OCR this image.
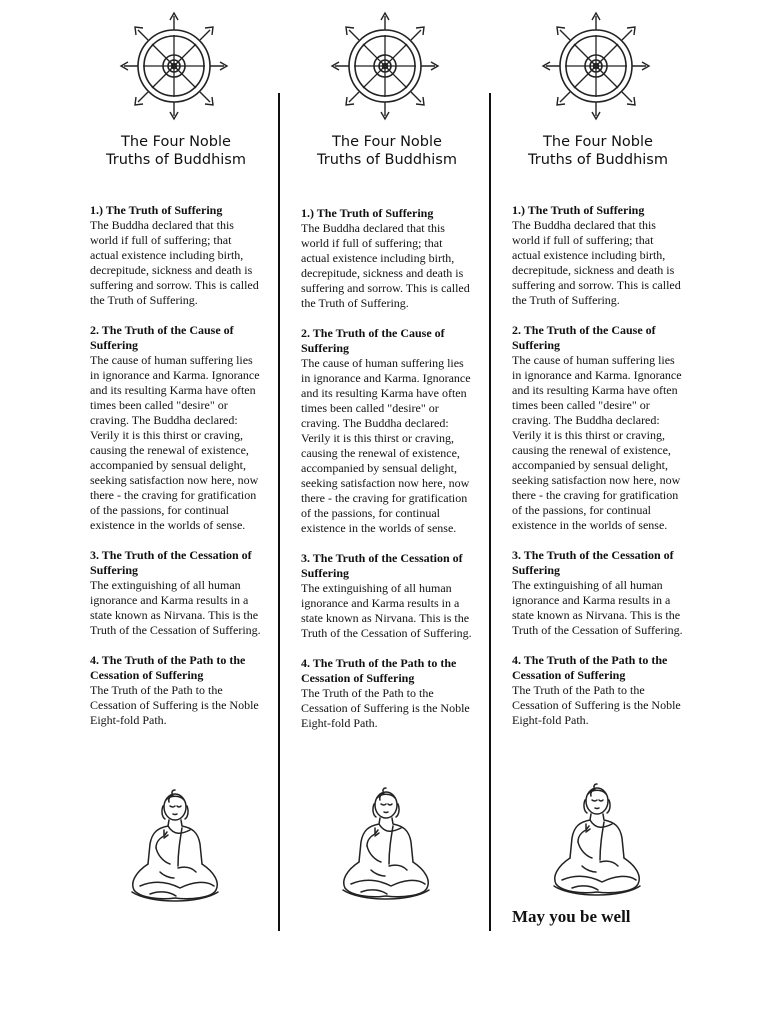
The Four Noble
Truths of Buddhism
1.) The Truth of Suffering
The Buddha declared that this world if full of suffering; that actual existence including birth, decrepitude, sickness and death is suffering and sorrow. This is called the Truth of Suffering.
2. The Truth of the Cause of Suffering
The cause of human suffering lies in ignorance and Karma. Ignorance and its resulting Karma have often times been called "desire" or craving. The Buddha declared:
Verily it is this thirst or craving, causing the renewal of existence, accompanied by sensual delight, seeking satisfaction now here, now there - the craving for gratification of the passions, for continual existence in the worlds of sense.
3. The Truth of the Cessation of Suffering
The extinguishing of all human ignorance and Karma results in a state known as Nirvana. This is the Truth of the Cessation of Suffering.
4. The Truth of the Path to the Cessation of Suffering
The Truth of the Path to the Cessation of Suffering is the Noble Eight-fold Path.
The Four Noble
Truths of Buddhism
1.) The Truth of Suffering
The Buddha declared that this world if full of suffering; that actual existence including birth, decrepitude, sickness and death is suffering and sorrow. This is called the Truth of Suffering.
2. The Truth of the Cause of Suffering
The cause of human suffering lies in ignorance and Karma. Ignorance and its resulting Karma have often times been called "desire" or craving. The Buddha declared:
Verily it is this thirst or craving, causing the renewal of existence, accompanied by sensual delight, seeking satisfaction now here, now there - the craving for gratification of the passions, for continual existence in the worlds of sense.
3. The Truth of the Cessation of Suffering
The extinguishing of all human ignorance and Karma results in a state known as Nirvana. This is the Truth of the Cessation of Suffering.
4. The Truth of the Path to the Cessation of Suffering
The Truth of the Path to the Cessation of Suffering is the Noble Eight-fold Path.
The Four Noble
Truths of Buddhism
1.) The Truth of Suffering
The Buddha declared that this world if full of suffering; that actual existence including birth, decrepitude, sickness and death is suffering and sorrow. This is called the Truth of Suffering.
2. The Truth of the Cause of Suffering
The cause of human suffering lies in ignorance and Karma. Ignorance and its resulting Karma have often times been called "desire" or craving. The Buddha declared:
Verily it is this thirst or craving, causing the renewal of existence, accompanied by sensual delight, seeking satisfaction now here, now there - the craving for gratification of the passions, for continual existence in the worlds of sense.
3. The Truth of the Cessation of Suffering
The extinguishing of all human ignorance and Karma results in a state known as Nirvana. This is the Truth of the Cessation of Suffering.
4. The Truth of the Path to the Cessation of Suffering
The Truth of the Path to the Cessation of Suffering is the Noble Eight-fold Path.
May you be well
